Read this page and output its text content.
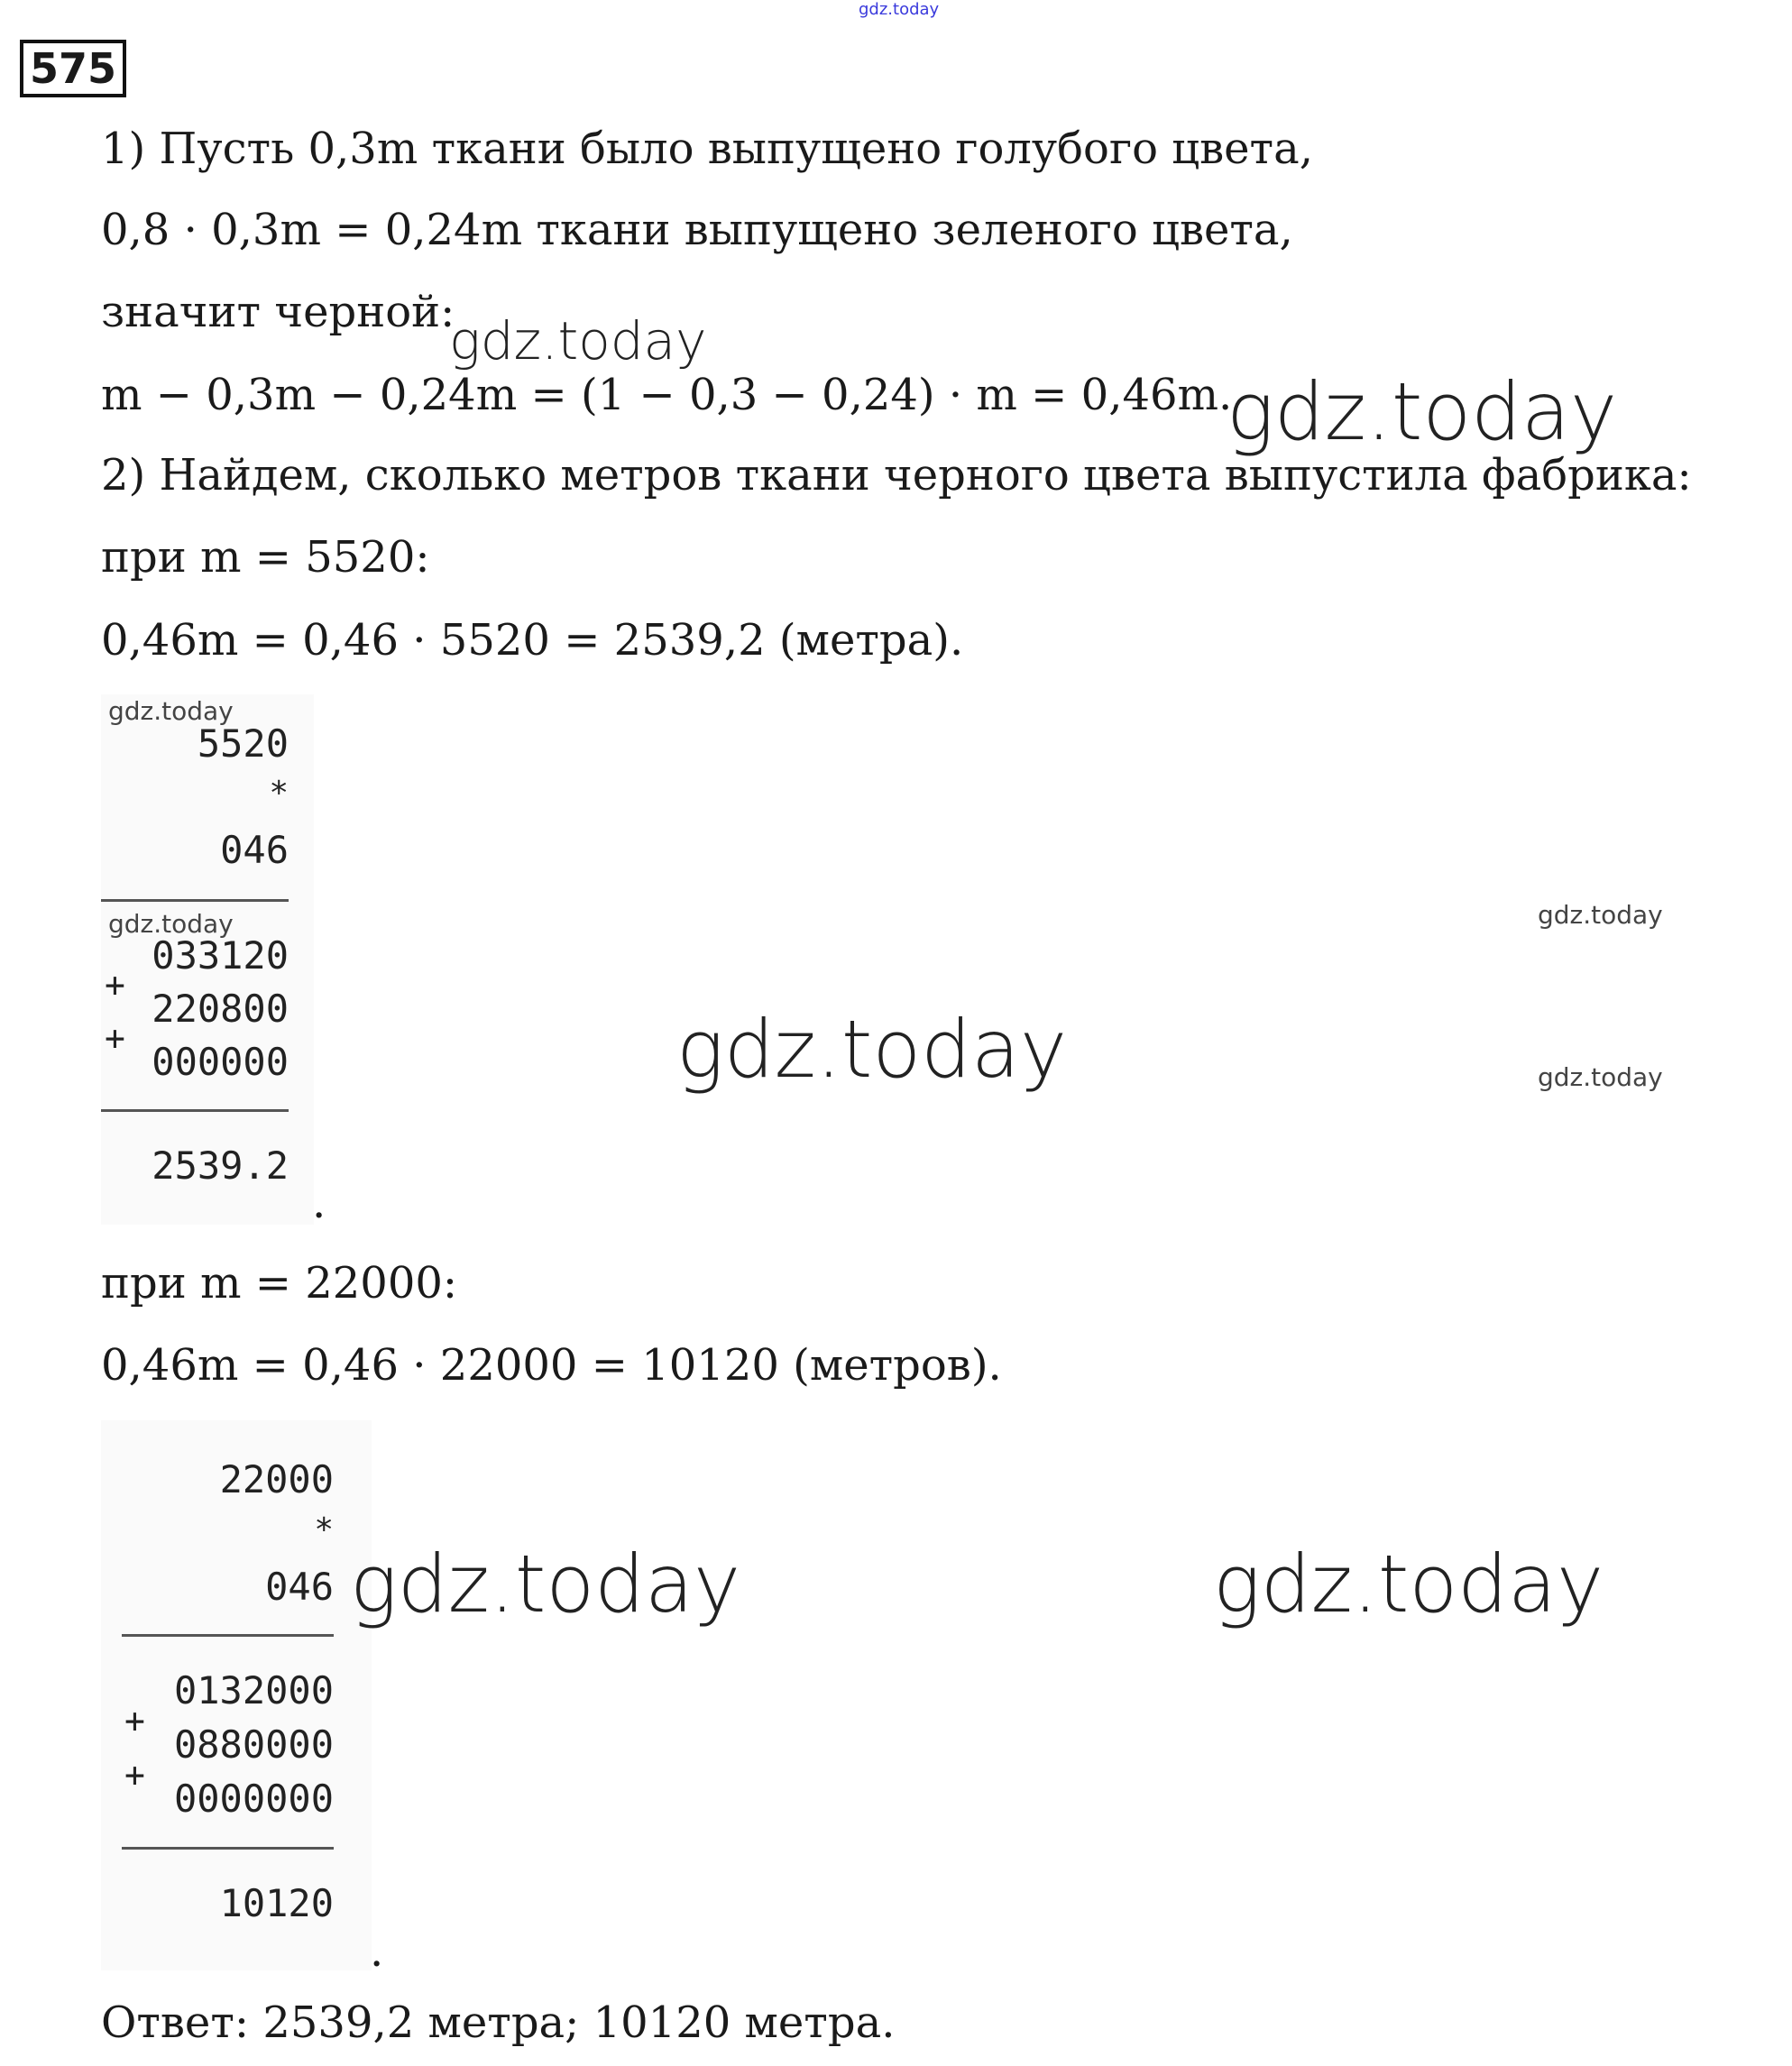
gdz.today
575
1) Пусть 0,3m ткани было выпущено голубого цвета,
0,8 · 0,3m = 0,24m ткани выпущено зеленого цвета,
значит черной:
m − 0,3m − 0,24m = (1 − 0,3 − 0,24) · m = 0,46m.
2) Найдем, сколько метров ткани черного цвета выпустила фабрика:
при m = 5520:
0,46m = 0,46 · 5520 = 2539,2 (метра).
gdz.today
5520
*
046
gdz.today
033120
+
220800
+
000000
2539.2
.
при m = 22000:
0,46m = 0,46 · 22000 = 10120 (метров).
22000
*
046
0132000
+
0880000
+
0000000
10120
.
Ответ: 2539,2 метра; 10120 метра.
gdz.today
gdz.today
gdz.today
gdz.today	gdz.today
gdz.today	gdz.today
